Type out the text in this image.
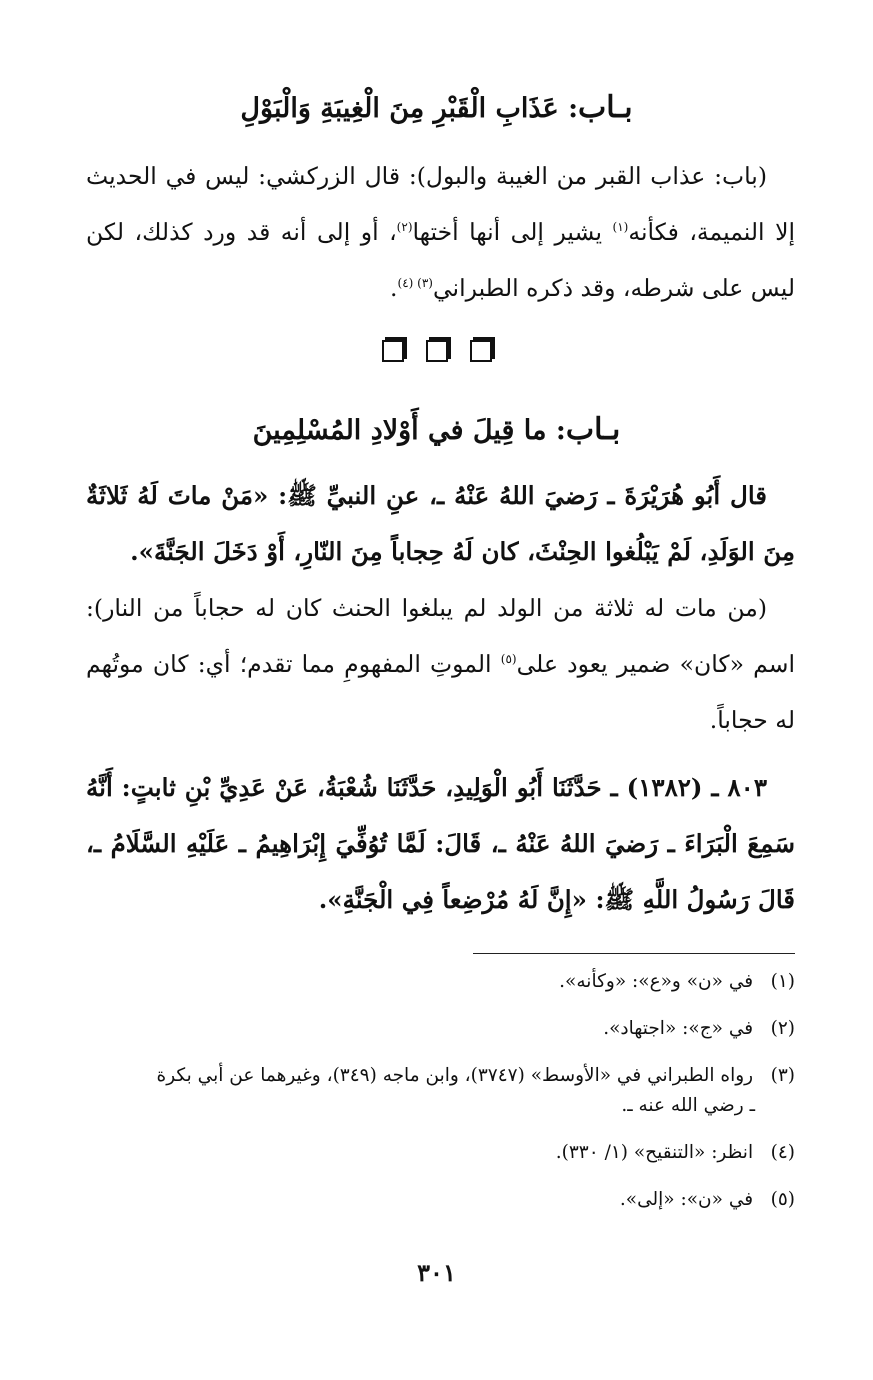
بـاب: عَذَابِ الْقَبْرِ مِنَ الْغِيبَةِ وَالْبَوْلِ
(باب: عذاب القبر من الغيبة والبول): قال الزركشي: ليس في الحديث إلا النميمة، فكأنه$^{(١)}$ يشير إلى أنها أختها$^{(٢)}$، أو إلى أنه قد ورد كذلك، لكن ليس على شرطه، وقد ذكره الطبراني$^{(٣) (٤)}$.
بـاب: ما قِيلَ في أَوْلادِ المُسْلِمِينَ
قال أَبُو هُرَيْرَةَ ـ رَضيَ اللهُ عَنْهُ ـ، عنِ النبيِّ ﷺ: «مَنْ ماتَ لَهُ ثَلاثَةٌ مِنَ الوَلَدِ، لَمْ يَبْلُغوا الحِنْثَ، كان لَهُ حِجاباً مِنَ النّارِ، أَوْ دَخَلَ الجَنَّةَ».
(من مات له ثلاثة من الولد لم يبلغوا الحنث كان له حجاباً من النار): اسم «كان» ضمير يعود على$^{(٥)}$ الموتِ المفهومِ مما تقدم؛ أي: كان موتُهم له حجاباً.
٨٠٣ ـ (١٣٨٢) ـ حَدَّثَنَا أَبُو الْوَلِيدِ، حَدَّثَنَا شُعْبَةُ، عَنْ عَدِيِّ بْنِ ثابتٍ: أَنَّهُ سَمِعَ الْبَرَاءَ ـ رَضيَ اللهُ عَنْهُ ـ، قَالَ: لَمَّا تُوُفِّيَ إِبْرَاهِيمُ ـ عَلَيْهِ السَّلَامُ ـ، قَالَ رَسُولُ اللَّهِ ﷺ: «إِنَّ لَهُ مُرْضِعاً فِي الْجَنَّةِ».
(١) في «ن» و«ع»: «وكأنه».
(٢) في «ج»: «اجتهاد».
(٣) رواه الطبراني في «الأوسط» (٣٧٤٧)، وابن ماجه (٣٤٩)، وغيرهما عن أبي بكرة
ـ رضي الله عنه ـ.
(٤) انظر: «التنقيح» (١/ ٣٣٠).
(٥) في «ن»: «إلى».
٣٠١
